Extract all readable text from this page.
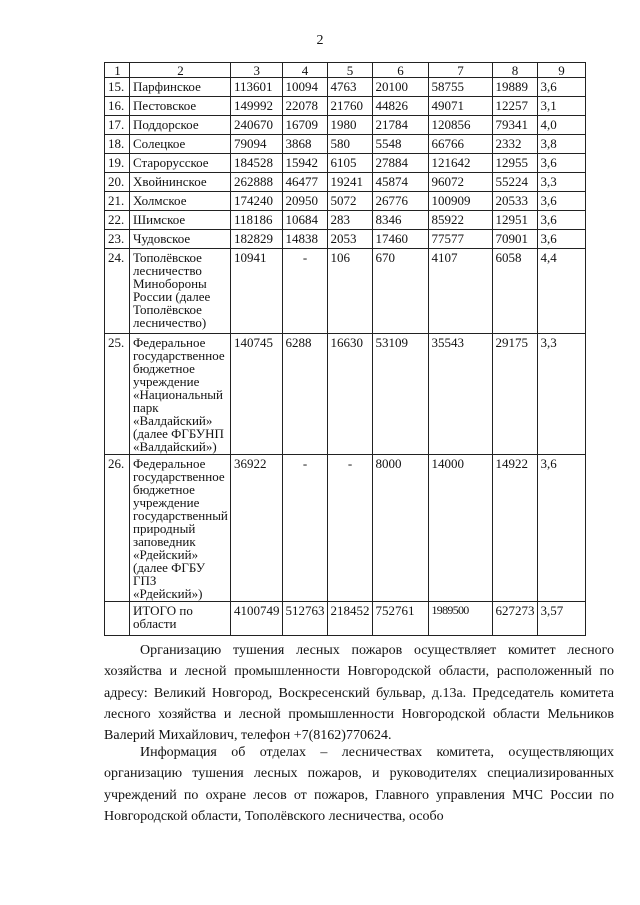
2
1	2	3	4	5	6	7	8	9
15.	Парфинское	113601	10094	4763	20100	58755	19889	3,6
16.	Пестовское	149992	22078	21760	44826	49071	12257	3,1
17.	Поддорское	240670	16709	1980	21784	120856	79341	4,0
18.	Солецкое	79094	3868	580	5548	66766	2332	3,8
19.	Старорусское	184528	15942	6105	27884	121642	12955	3,6
20.	Хвойнинское	262888	46477	19241	45874	96072	55224	3,3
21.	Холмское	174240	20950	5072	26776	100909	20533	3,6
22.	Шимское	118186	10684	283	8346	85922	12951	3,6
23.	Чудовское	182829	14838	2053	17460	77577	70901	3,6
24.	Тополёвское лесничество Минобороны России (далее Тополёвское лесничество)	10941	-	106	670	4107	6058	4,4
25.	Федеральное государственное бюджетное учреждение «Национальный парк «Валдайский» (далее ФГБУНП «Валдайский»)	140745	6288	16630	53109	35543	29175	3,3
26.	Федеральное государственное бюджетное учреждение государственный природный заповедник «Рдейский» (далее ФГБУ ГПЗ «Рдейский»)	36922	-	-	8000	14000	14922	3,6
	ИТОГО по области	4100749	512763	218452	752761	1989500	627273	3,57
Организацию тушения лесных пожаров осуществляет комитет лесного хозяйства и лесной промышленности Новгородской области, расположенный по адресу: Великий Новгород, Воскресенский бульвар, д.13а. Председатель комитета лесного хозяйства и лесной промышленности Новгородской области Мельников Валерий Михайлович, телефон +7(8162)770624.
Информация об отделах – лесничествах комитета, осуществляющих организацию тушения лесных пожаров, и руководителях специализированных учреждений по охране лесов от пожаров, Главного управления МЧС России по Новгородской области, Тополёвского лесничества, особо
